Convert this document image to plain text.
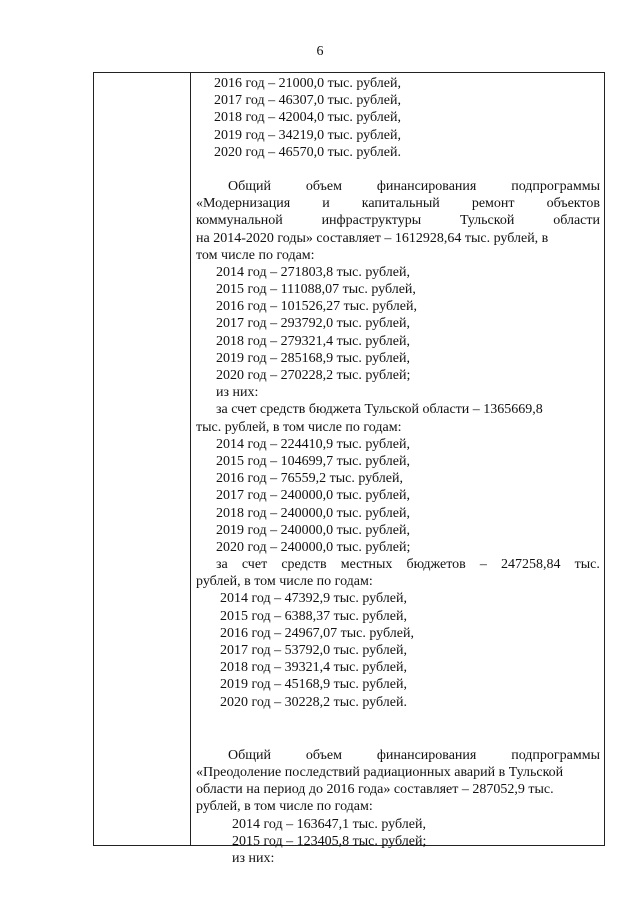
6
2016 год – 21000,0 тыс. рублей,
2017 год – 46307,0 тыс. рублей,
2018 год – 42004,0 тыс. рублей,
2019 год – 34219,0 тыс. рублей,
2020 год – 46570,0 тыс. рублей.
Общий объем финансирования подпрограммы
«Модернизация и капитальный ремонт объектов
коммунальной	инфраструктуры	Тульской	области
на 2014-2020 годы» составляет – 1612928,64 тыс. рублей, в
том числе по годам:
2014 год – 271803,8 тыс. рублей,
2015 год – 111088,07 тыс. рублей,
2016 год – 101526,27 тыс. рублей,
2017 год – 293792,0 тыс. рублей,
2018 год – 279321,4 тыс. рублей,
2019 год – 285168,9 тыс. рублей,
2020 год – 270228,2 тыс. рублей;
из них:
за счет средств бюджета Тульской области – 1365669,8
тыс. рублей, в том числе по годам:
2014 год – 224410,9 тыс. рублей,
2015 год – 104699,7 тыс. рублей,
2016 год – 76559,2 тыс. рублей,
2017 год – 240000,0 тыс. рублей,
2018 год – 240000,0 тыс. рублей,
2019 год – 240000,0 тыс. рублей,
2020 год – 240000,0 тыс. рублей;
за счет средств местных бюджетов – 247258,84 тыс.
рублей, в том числе по годам:
2014 год – 47392,9 тыс. рублей,
2015 год – 6388,37 тыс. рублей,
2016 год – 24967,07 тыс. рублей,
2017 год – 53792,0 тыс. рублей,
2018 год – 39321,4 тыс. рублей,
2019 год – 45168,9 тыс. рублей,
2020 год – 30228,2 тыс. рублей.
Общий объем финансирования подпрограммы
«Преодоление последствий радиационных аварий в Тульской
области на период до 2016 года» составляет – 287052,9 тыс.
рублей, в том числе по годам:
2014 год – 163647,1 тыс. рублей,
2015 год – 123405,8 тыс. рублей;
из них:
